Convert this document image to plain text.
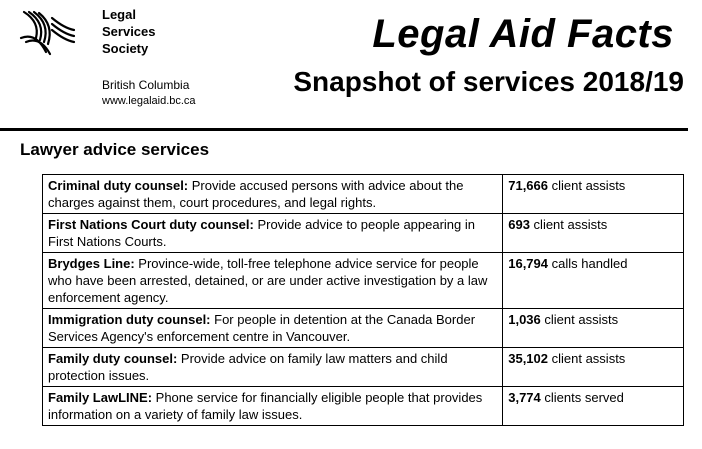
Legal
Services
Society
British Columbia
www.legalaid.bc.ca
Legal Aid Facts
Snapshot of services 2018/19
Lawyer advice services
Criminal duty counsel: Provide accused persons with advice about the charges against them, court procedures, and legal rights.	71,666 client assists
First Nations Court duty counsel: Provide advice to people appearing in First Nations Courts.	693 client assists
Brydges Line: Province-wide, toll-free telephone advice service for people who have been arrested, detained, or are under active investigation by a law enforcement agency.	16,794 calls handled
Immigration duty counsel: For people in detention at the Canada Border Services Agency's enforcement centre in Vancouver.	1,036 client assists
Family duty counsel: Provide advice on family law matters and child protection issues.	35,102 client assists
Family LawLINE: Phone service for financially eligible people that provides information on a variety of family law issues.	3,774 clients served
